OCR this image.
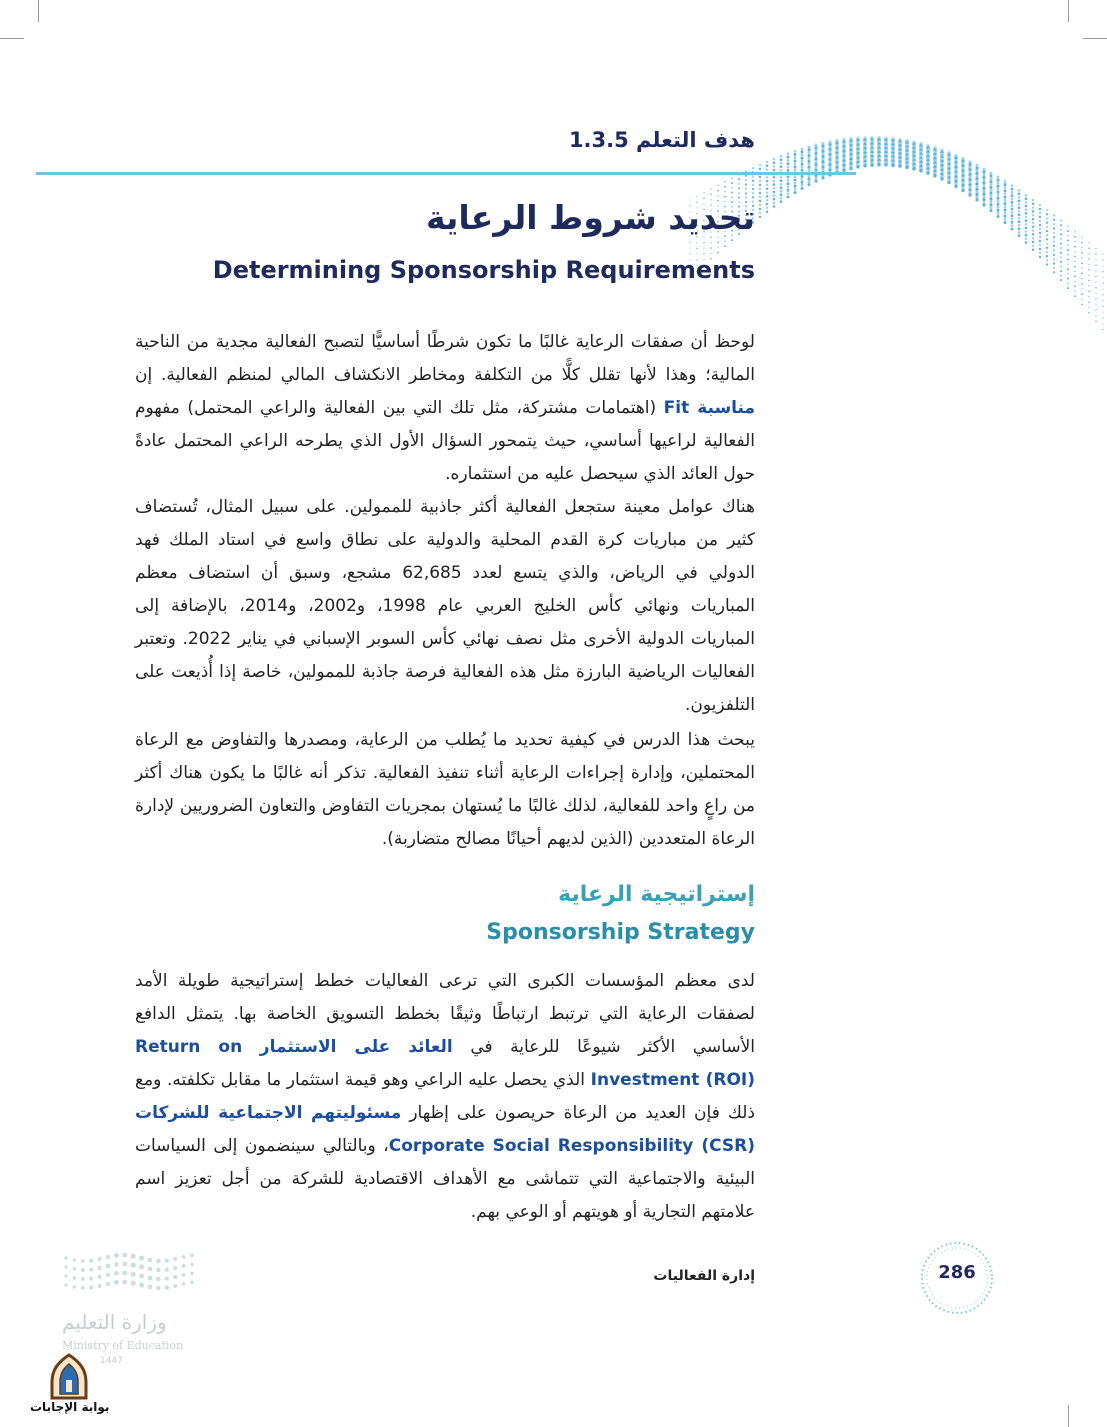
هدف التعلم 1.3.5
تحديد شروط الرعاية
Determining Sponsorship Requirements

لوحظ أن صفقات الرعاية غالبًا ما تكون شرطًا أساسيًّا لتصبح الفعالية مجدية من الناحية المالية؛ وهذا لأنها تقلل كلًّا من التكلفة ومخاطر الانكشاف المالي لمنظم الفعالية. إن مناسبة Fit (اهتمامات مشتركة، مثل تلك التي بين الفعالية والراعي المحتمل) مفهوم الفعالية لراعيها أساسي، حيث يتمحور السؤال الأول الذي يطرحه الراعي المحتمل عادةً حول العائد الذي سيحصل عليه من استثماره.

هناك عوامل معينة ستجعل الفعالية أكثر جاذبية للممولين. على سبيل المثال، تُستضاف كثير من مباريات كرة القدم المحلية والدولية على نطاق واسع في استاد الملك فهد الدولي في الرياض، والذي يتسع لعدد 62,685 مشجع، وسبق أن استضاف معظم المباريات ونهائي كأس الخليج العربي عام 1998، و2002، و2014، بالإضافة إلى المباريات الدولية الأخرى مثل نصف نهائي كأس السوبر الإسباني في يناير 2022. وتعتبر الفعاليات الرياضية البارزة مثل هذه الفعالية فرصة جاذبة للممولين، خاصة إذا أُذيعت على التلفزيون.

يبحث هذا الدرس في كيفية تحديد ما يُطلب من الرعاية، ومصدرها والتفاوض مع الرعاة المحتملين، وإدارة إجراءات الرعاية أثناء تنفيذ الفعالية. تذكر أنه غالبًا ما يكون هناك أكثر من راعٍ واحد للفعالية، لذلك غالبًا ما يُستهان بمجريات التفاوض والتعاون الضروريين لإدارة الرعاة المتعددين (الذين لديهم أحيانًا مصالح متضاربة).

إستراتيجية الرعاية
Sponsorship Strategy

لدى معظم المؤسسات الكبرى التي ترعى الفعاليات خطط إستراتيجية طويلة الأمد لصفقات الرعاية التي ترتبط ارتباطًا وثيقًا بخطط التسويق الخاصة بها. يتمثل الدافع الأساسي الأكثر شيوعًا للرعاية في العائد على الاستثمار Return on Investment (ROI) الذي يحصل عليه الراعي وهو قيمة استثمار ما مقابل تكلفته. ومع ذلك فإن العديد من الرعاة حريصون على إظهار مسئوليتهم الاجتماعية للشركات Corporate Social Responsibility (CSR)، وبالتالي سينضمون إلى السياسات البيئية والاجتماعية التي تتماشى مع الأهداف الاقتصادية للشركة من أجل تعزيز اسم علامتهم التجارية أو هويتهم أو الوعي بهم.

إدارة الفعاليات	286
وزارة التعليم
Ministry of Education
1447
بوابة الإجابات
